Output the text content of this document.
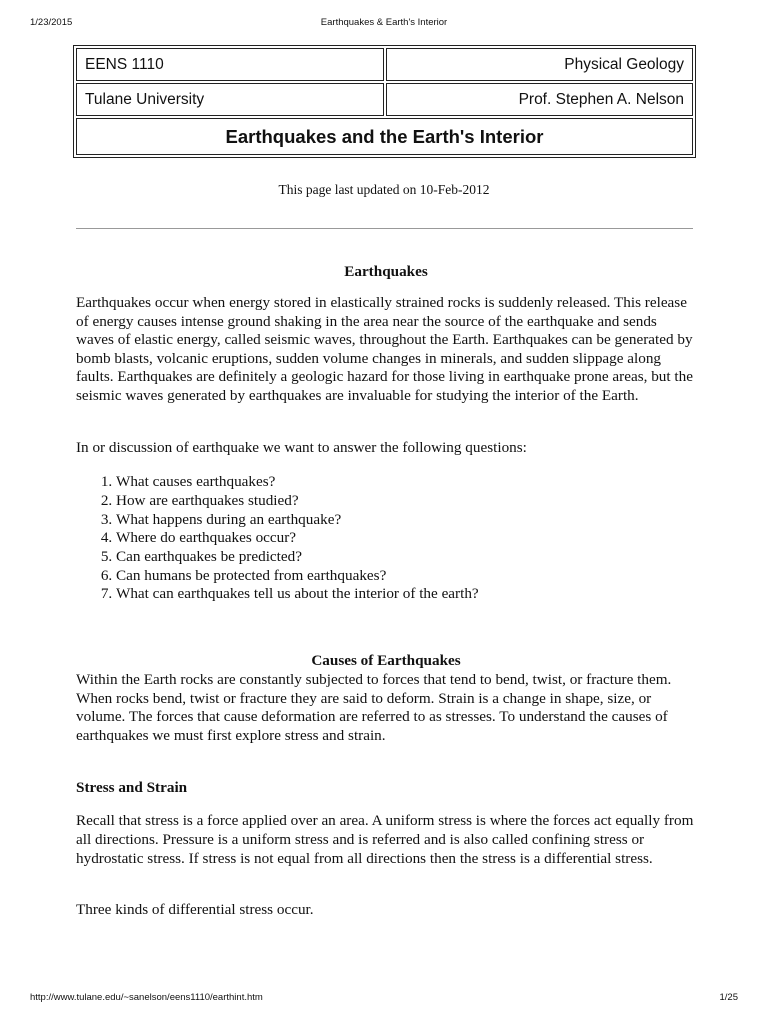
1/23/2015	Earthquakes & Earth's Interior
EENS 1110	Physical Geology
Tulane University	Prof. Stephen A. Nelson
Earthquakes and the Earth's Interior
This page last updated on 10-Feb-2012
Earthquakes

Earthquakes occur when energy stored in elastically strained rocks is suddenly released. This release of energy causes intense ground shaking in the area near the source of the earthquake and sends waves of elastic energy, called seismic waves, throughout the Earth. Earthquakes can be generated by bomb blasts, volcanic eruptions, sudden volume changes in minerals, and sudden slippage along faults. Earthquakes are definitely a geologic hazard for those living in earthquake prone areas, but the seismic waves generated by earthquakes are invaluable for studying the interior of the Earth.

In or discussion of earthquake we want to answer the following questions:

1. What causes earthquakes?
2. How are earthquakes studied?
3. What happens during an earthquake?
4. Where do earthquakes occur?
5. Can earthquakes be predicted?
6. Can humans be protected from earthquakes?
7. What can earthquakes tell us about the interior of the earth?
Causes of Earthquakes

Within the Earth rocks are constantly subjected to forces that tend to bend, twist, or fracture them. When rocks bend, twist or fracture they are said to deform. Strain is a change in shape, size, or volume. The forces that cause deformation are referred to as stresses. To understand the causes of earthquakes we must first explore stress and strain.

Stress and Strain

Recall that stress is a force applied over an area. A uniform stress is where the forces act equally from all directions. Pressure is a uniform stress and is referred and is also called confining stress or hydrostatic stress. If stress is not equal from all directions then the stress is a differential stress.

Three kinds of differential stress occur.

http://www.tulane.edu/~sanelson/eens1110/earthint.htm	1/25
